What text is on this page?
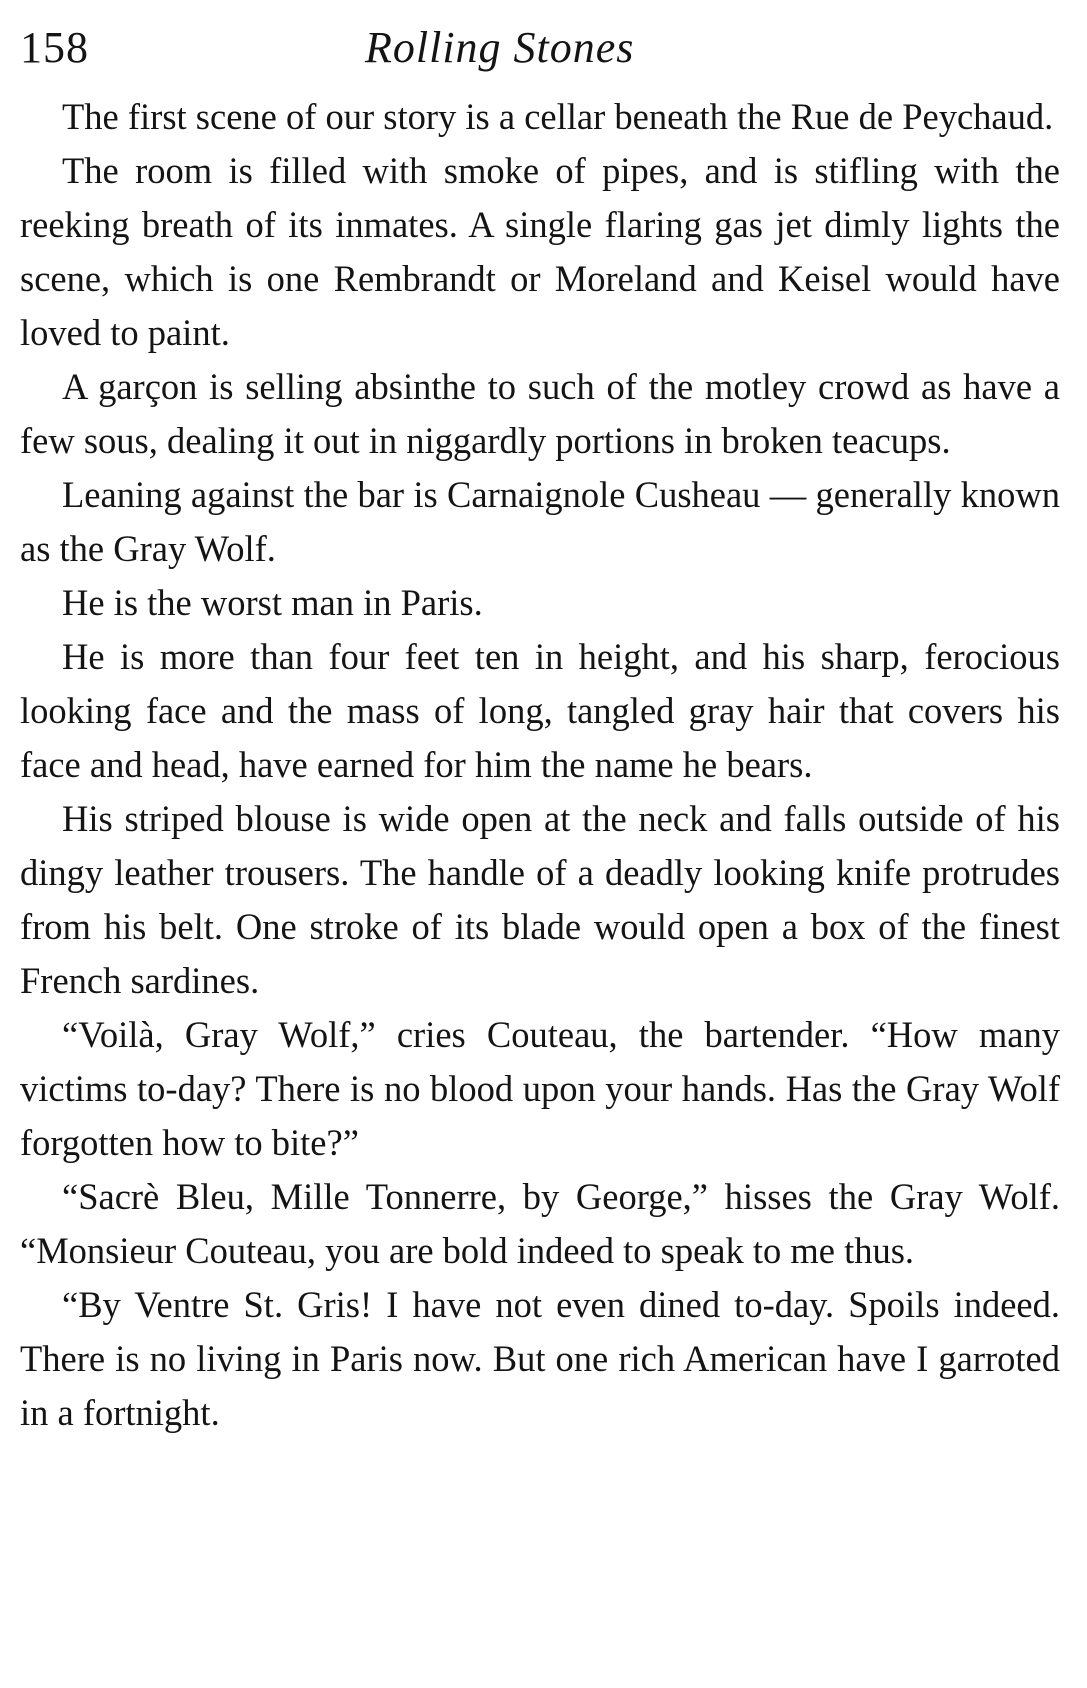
158	Rolling Stones

The first scene of our story is a cellar beneath the Rue de Peychaud.

The room is filled with smoke of pipes, and is stifling with the reeking breath of its inmates. A single flaring gas jet dimly lights the scene, which is one Rembrandt or Moreland and Keisel would have loved to paint.

A garçon is selling absinthe to such of the motley crowd as have a few sous, dealing it out in niggardly portions in broken teacups.

Leaning against the bar is Carnaignole Cusheau — generally known as the Gray Wolf.

He is the worst man in Paris.

He is more than four feet ten in height, and his sharp, ferocious looking face and the mass of long, tangled gray hair that covers his face and head, have earned for him the name he bears.

His striped blouse is wide open at the neck and falls outside of his dingy leather trousers. The handle of a deadly looking knife protrudes from his belt. One stroke of its blade would open a box of the finest French sardines.

“Voilà, Gray Wolf,” cries Couteau, the bartender. “How many victims to-day? There is no blood upon your hands. Has the Gray Wolf forgotten how to bite?”

“Sacrè Bleu, Mille Tonnerre, by George,” hisses the Gray Wolf. “Monsieur Couteau, you are bold indeed to speak to me thus.

“By Ventre St. Gris! I have not even dined to-day. Spoils indeed. There is no living in Paris now. But one rich American have I garroted in a fortnight.
